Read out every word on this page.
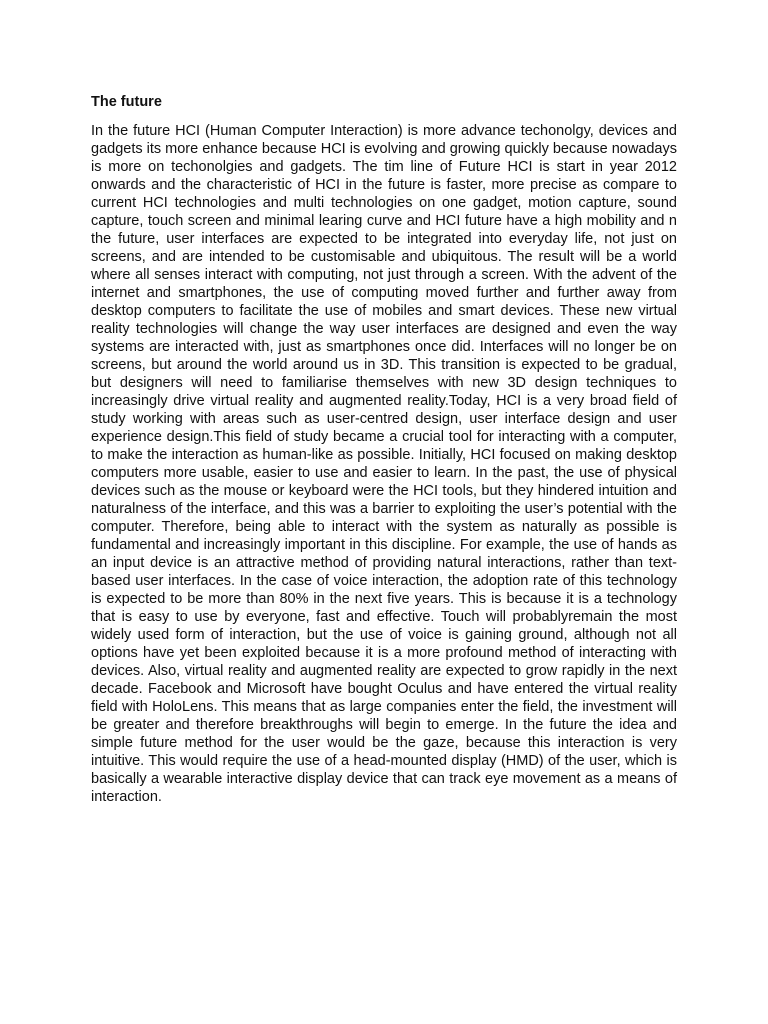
The future

In the future HCI (Human Computer Interaction) is more advance techonolgy, devices and gadgets its more enhance because HCI is evolving and growing quickly because nowadays is more on techonolgies and gadgets. The tim line of Future HCI is start in year 2012 onwards and the characteristic of HCI in the future is faster, more precise as compare to current HCI technologies and multi technologies on one gadget, motion capture, sound capture, touch screen and minimal learing curve and HCI future have a high mobility and n the future, user interfaces are expected to be integrated into everyday life, not just on screens, and are intended to be customisable and ubiquitous. The result will be a world where all senses interact with computing, not just through a screen. With the advent of the internet and smartphones, the use of computing moved further and further away from desktop computers to facilitate the use of mobiles and smart devices. These new virtual reality technologies will change the way user interfaces are designed and even the way systems are interacted with, just as smartphones once did. Interfaces will no longer be on screens, but around the world around us in 3D. This transition is expected to be gradual, but designers will need to familiarise themselves with new 3D design techniques to increasingly drive virtual reality and augmented reality.Today, HCI is a very broad field of study working with areas such as user-centred design, user interface design and user experience design.This field of study became a crucial tool for interacting with a computer, to make the interaction as human-like as possible. Initially, HCI focused on making desktop computers more usable, easier to use and easier to learn. In the past, the use of physical devices such as the mouse or keyboard were the HCI tools, but they hindered intuition and naturalness of the interface, and this was a barrier to exploiting the user’s potential with the computer. Therefore, being able to interact with the system as naturally as possible is fundamental and increasingly important in this discipline. For example, the use of hands as an input device is an attractive method of providing natural interactions, rather than text-based user interfaces. In the case of voice interaction, the adoption rate of this technology is expected to be more than 80% in the next five years. This is because it is a technology that is easy to use by everyone, fast and effective. Touch will probablyremain the most widely used form of interaction, but the use of voice is gaining ground, although not all options have yet been exploited because it is a more profound method of interacting with devices. Also, virtual reality and augmented reality are expected to grow rapidly in the next decade. Facebook and Microsoft have bought Oculus and have entered the virtual reality field with HoloLens. This means that as large companies enter the field, the investment will be greater and therefore breakthroughs will begin to emerge. In the future the idea and simple future method for the user would be the gaze, because this interaction is very intuitive. This would require the use of a head-mounted display (HMD) of the user, which is basically a wearable interactive display device that can track eye movement as a means of interaction.
